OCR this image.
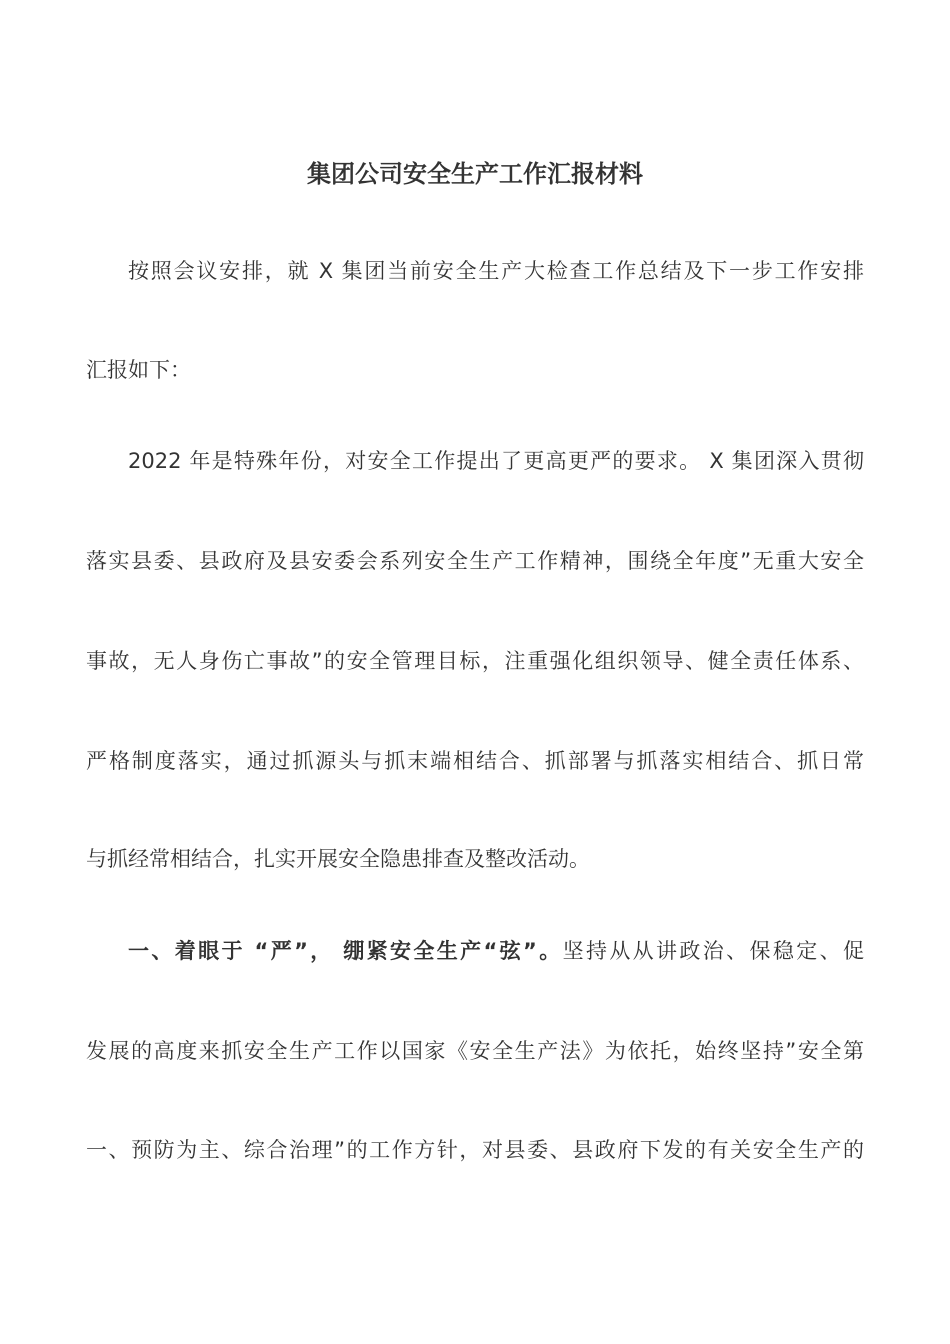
集团公司安全生产工作汇报材料
按照会议安排，就 X 集团当前安全生产大检查工作总结及下一步工作安排
汇报如下：
2022 年是特殊年份，对安全工作提出了更高更严的要求。 X 集团深入贯彻
落实县委、县政府及县安委会系列安全生产工作精神，围绕全年度”无重大安全
事故，无人身伤亡事故”的安全管理目标，注重强化组织领导、健全责任体系、
严格制度落实，通过抓源头与抓末端相结合、抓部署与抓落实相结合、抓日常
与抓经常相结合，扎实开展安全隐患排查及整改活动。
一、着眼于 “严”， 绷紧安全生产“弦”。坚持从从讲政治、保稳定、促
发展的高度来抓安全生产工作以国家《安全生产法》为依托，始终坚持”安全第
一、预防为主、综合治理”的工作方针，对县委、县政府下发的有关安全生产的
